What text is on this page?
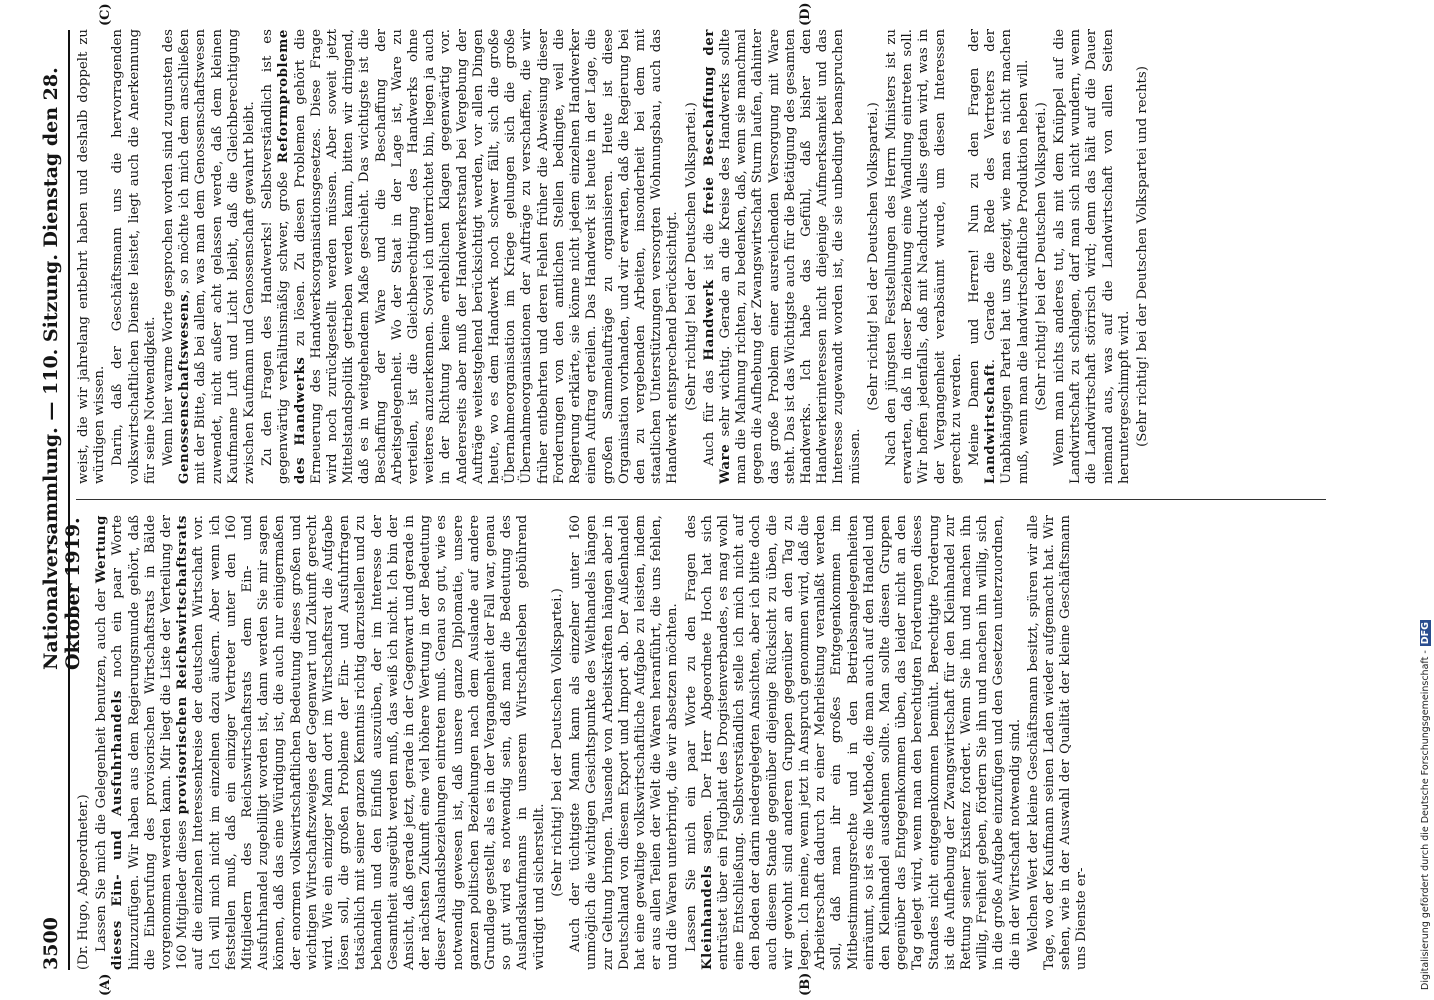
3500
Nationalversammlung. — 110. Sitzung. Dienstag den 28. Oktober 1919.

(Dr. Hugo, Abgeordneter.) Lassen Sie mich die Gelegenheit benutzen, auch der Wertung dieses Ein- und Ausfuhrhandels noch ein paar Worte hinzuzufügen. Wir haben aus dem Regierungsmunde gehört, daß die Einberufung des provisorischen Wirtschaftsrats in Bälde vorgenommen werden kann. Mir liegt die Liste der Verteilung der 160 Mitglieder dieses provisorischen Reichswirtschaftsrats auf die einzelnen Interessenkreise der deutschen Wirtschaft vor. Ich will mich nicht im einzelnen dazu äußern. Aber wenn ich feststellen muß, daß ein einziger Vertreter unter den 160 Mitgliedern des Reichswirtschaftsrats dem Ein- und Ausfuhrhandel zugebilligt worden ist, dann werden Sie mir sagen können, daß das eine Würdigung ist, die auch nur einigermaßen der enormen volkswirtschaftlichen Bedeutung dieses großen und wichtigen Wirtschaftszweiges der Gegenwart und Zukunft gerecht wird. Wie ein einziger Mann dort im Wirtschaftsrat die Aufgabe lösen soll, die großen Probleme der Ein- und Ausfuhrfragen tatsächlich mit seiner ganzen Kenntnis richtig darzustellen und zu behandeln und den Einfluß auszuüben, der im Interesse der Gesamtheit ausgeübt werden muß, das weiß ich nicht. Ich bin der Ansicht, daß gerade jetzt, gerade in der Gegenwart und gerade in der nächsten Zukunft eine viel höhere Wertung in der Bedeutung dieser Auslandsbeziehungen eintreten muß. Genau so gut, wie es notwendig gewesen ist, daß unsere ganze Diplomatie, unsere ganzen politischen Beziehungen nach dem Auslande auf andere Grundlage gestellt, als es in der Vergangenheit der Fall war, genau so gut wird es notwendig sein, daß man die Bedeutung des Auslandskaufmanns in unserem Wirtschaftsleben gebührend würdigt und sicherstellt. (Sehr richtig! bei der Deutschen Volkspartei.) Auch der tüchtigste Mann kann als einzelner unter 160 unmöglich die wichtigen Gesichtspunkte des Welthandels hängen zur Geltung bringen. Tausende von Arbeitskräften hängen aber in Deutschland von diesem Export und Import ab. Der Außenhandel hat eine gewaltige volkswirtschaftliche Aufgabe zu leisten, indem er aus allen Teilen der Welt die Waren heranführt, die uns fehlen, und die Waren unterbringt, die wir absetzen möchten. Lassen Sie mich ein paar Worte zu den Fragen des Kleinhandels sagen. Der Herr Abgeordnete Hoch hat sich entrüstet über ein Flugblatt des Drogistenverbandes, es mag wohl eine Entschließung. Selbstverständlich stelle ich mich nicht auf den Boden der darin niedergelegten Ansichten, aber ich bitte doch auch diesem Stande gegenüber diejenige Rücksicht zu üben, die wir gewohnt sind anderen Gruppen gegenüber an den Tag zu legen. Ich meine, wenn jetzt in Anspruch genommen wird, daß die Arbeiterschaft dadurch zu einer Mehrleistung veranlaßt werden soll, daß man ihr ein großes Entgegenkommen im Mitbestimmungsrechte und in den Betriebsangelegenheiten einräumt, so ist es die Methode, die man auch auf den Handel und den Kleinhandel ausdehnen sollte. Man sollte diesen Gruppen gegenüber das Entgegenkommen üben, das leider nicht an den Tag gelegt wird, wenn man den berechtigten Forderungen dieses Standes nicht entgegenkommen bemüht. Berechtigte Forderung ist die Aufhebung der Zwangswirtschaft für den Kleinhandel zur Rettung seiner Existenz fordert. Wenn Sie ihn und machen ihn willig, Freiheit geben, fördern Sie ihn und machen ihn willig, sich in die große Aufgabe einzufügen und den Gesetzen unterzuordnen, die in der Wirtschaft notwendig sind. Welchen Wert der kleine Geschäftsmann besitzt, spüren wir alle Tage, wo der Kaufmann seinen Laden wieder aufgemacht hat. Wir sehen, wie in der Auswahl der Qualität der kleine Geschäftsmann uns Dienste er-

weist, die wir jahrelang entbehrt haben und deshalb doppelt zu würdigen wissen. Darin, daß der Geschäftsmann uns die hervorragenden volkswirtschaftlichen Dienste leistet, liegt auch die Anerkennung für seine Notwendigkeit. Wenn hier warme Worte gesprochen worden sind zugunsten des Genossenschaftswesens, so möchte ich mich dem anschließen mit der Bitte, daß bei allem, was man dem Genossenschaftswesen zuwendet, nicht außer acht gelassen werde, daß dem kleinen Kaufmanne Luft und Licht bleibt, daß die Gleichberechtigung zwischen Kaufmann und Genossenschaft gewahrt bleibt. Zu den Fragen des Handwerks! Selbstverständlich ist es gegenwärtig verhältnismäßig schwer, große Reformprobleme des Handwerks zu lösen. Zu diesen Problemen gehört die Erneuerung des Handwerksorganisationsgesetzes. Diese Frage wird noch zurückgestellt werden müssen. Aber soweit jetzt Mittelstandspolitik getrieben werden kann, bitten wir dringend, daß es in weitgehendem Maße geschieht. Das wichtigste ist die Beschaffung der Ware und die Beschaffung der Arbeitsgelegenheit. Wo der Staat in der Lage ist, Ware zu verteilen, ist die Gleichberechtigung des Handwerks ohne weiteres anzuerkennen. Soviel ich unterrichtet bin, liegen ja auch in der Richtung keine erheblichen Klagen gegenwärtig vor. Andererseits aber muß der Handwerkerstand bei Vergebung der Aufträge weitestgehend berücksichtigt werden, vor allen Dingen heute, wo es dem Handwerk noch schwer fällt, sich die große Übernahmeorganisation im Kriege gelungen sich die große Übernahmeorganisationen der Aufträge zu verschaffen, die wir früher entbehrten und deren Fehlen früher die Abweisung dieser Forderungen von den amtlichen Stellen bedingte, weil die Regierung erklärte, sie könne nicht jedem einzelnen Handwerker einen Auftrag erteilen. Das Handwerk ist heute in der Lage, die großen Sammelaufträge zu organisieren. Heute ist diese Organisation vorhanden, und wir erwarten, daß die Regierung bei den zu vergebenden Arbeiten, insonderheit bei dem mit staatlichen Unterstützungen versorgten Wohnungsbau, auch das Handwerk entsprechend berücksichtigt. (Sehr richtig! bei der Deutschen Volkspartei.)

Auch für das Handwerk ist die freie Beschaffung der Ware sehr wichtig. Gerade an die Kreise des Handwerks sollte man die Mahnung richten, zu bedenken, daß, wenn sie manchmal gegen die Aufhebung der Zwangswirtschaft Sturm laufen, dahinter das große Problem einer ausreichenden Versorgung mit Ware steht. Das ist das Wichtigste auch für die Betätigung des gesamten Handwerks. Ich habe das Gefühl, daß bisher den Handwerkerinteressen nicht diejenige Aufmerksamkeit und das Interesse zugewandt worden ist, die sie unbedingt beanspruchen müssen.

(Sehr richtig! bei der Deutschen Volkspartei.) Nach den jüngsten Feststellungen des Herrn Ministers ist zu erwarten, daß in dieser Beziehung eine Wandlung eintreten soll. Wir hoffen jedenfalls, daß mit Nachdruck alles getan wird, was in der Vergangenheit verabsäumt wurde, um diesen Interessen gerecht zu werden. Meine Damen und Herren! Nun zu den Fragen der Landwirtschaft. Gerade die Rede des Vertreters der Unabhängigen Partei hat uns gezeigt, wie man es nicht machen muß, wenn man die landwirtschaftliche Produktion heben will. (Sehr richtig! bei der Deutschen Volkspartei.) Wenn man nichts anderes tut, als mit dem Knüppel auf die Landwirtschaft zu schlagen, darf man sich nicht wundern, wenn die Landwirtschaft störrisch wird; denn das hält auf die Dauer niemand aus, was auf die Landwirtschaft von allen Seiten heruntergeschimpft wird. (Sehr richtig! bei der Deutschen Volkspartei und rechts)

(A)	(B)
(C)	(D)
Digitalisierung gefördert durch die Deutsche Forschungsgemeinschaft -DFG
